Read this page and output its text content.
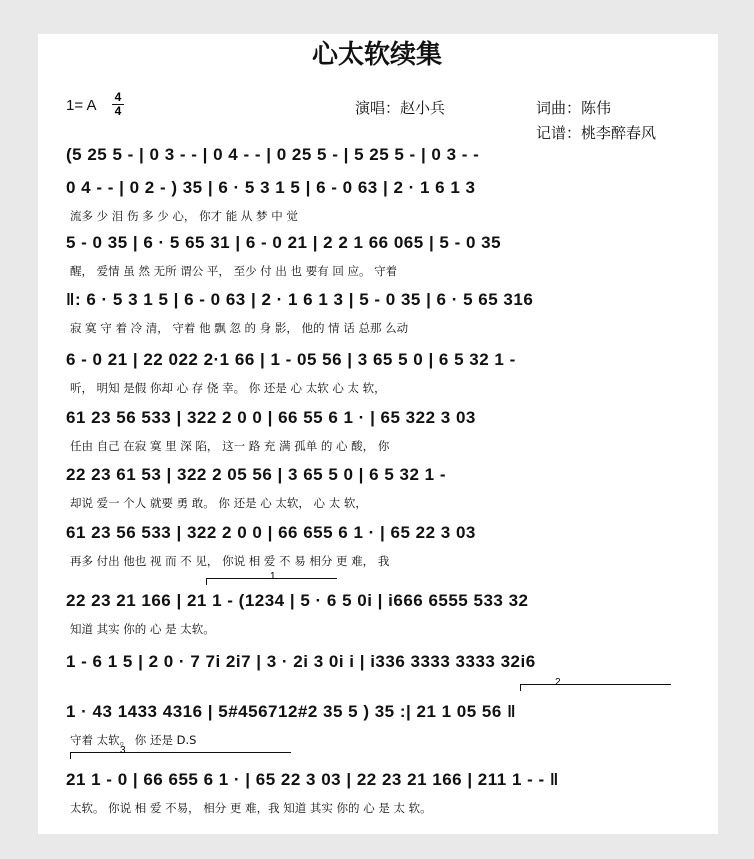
心太软续集
1= A 4
4	演唱：赵小兵	词曲：陈伟
记谱：桃李醉春风
(5 25 5 - | 0 3 - - | 0 4 - - | 0 25 5 - | 5 25 5 - | 0 3 - -
0 4 - - | 0 2 - ) 35 | 6 · 5 3 1 5 | 6 - 0 63 | 2 · 1 6 1 3
流多 少 泪 伤 多 少 心， 你才 能 从 梦 中 觉
5 - 0 35 | 6 · 5 65 31 | 6 - 0 21 | 2 2 1 66 065 | 5 - 0 35
醒， 爱情 虽 然 无所 谓公 平， 至少 付 出 也 要有 回 应。 守着
‖: 6 · 5 3 1 5 | 6 - 0 63 | 2 · 1 6 1 3 | 5 - 0 35 | 6 · 5 65 316
寂 寞 守 着 冷 清， 守着 他 飘 忽 的 身 影， 他的 情 话 总那 么动
6 - 0 21 | 22 022 2·1 66 | 1 - 05 56 | 3 65 5 0 | 6 5 32 1 -
听， 明知 是假 你却 心 存 侥 幸。 你 还是 心 太软 心 太 软，
61 23 56 533 | 322 2 0 0 | 66 55 6 1 · | 65 322 3 03
任由 自己 在寂 寞 里 深 陷， 这一 路 充 满 孤单 的 心 酸， 你
22 23 61 53 | 322 2 05 56 | 3 65 5 0 | 6 5 32 1 -
却说 爱一 个人 就要 勇 敢。 你 还是 心 太软， 心 太 软，
61 23 56 533 | 322 2 0 0 | 66 655 6 1 · | 65 22 3 03
再多 付出 他也 视 而 不 见， 你说 相 爱 不 易 相分 更 难， 我
22 23 21 166 | 21 1 - (1234 | 5 · 6 5 0i | i666 6555 533 32
知道 其实 你的 心 是 太软。
1 - 6 1 5 | 2 0 · 7 7i 2i7 | 3 · 2i 3 0i i | i336 3333 3333 32i6
1 · 43 1433 4316 | 5#456712#2 35 5 ) 35 :| 21 1 05 56 ‖
守着 太软。 你 还是 D.S
21 1 - 0 | 66 655 6 1 · | 65 22 3 03 | 22 23 21 166 | 211 1 - - ‖
太软。 你说 相 爱 不易， 相分 更 难，我 知道 其实 你的 心 是 太 软。
1
2
3
